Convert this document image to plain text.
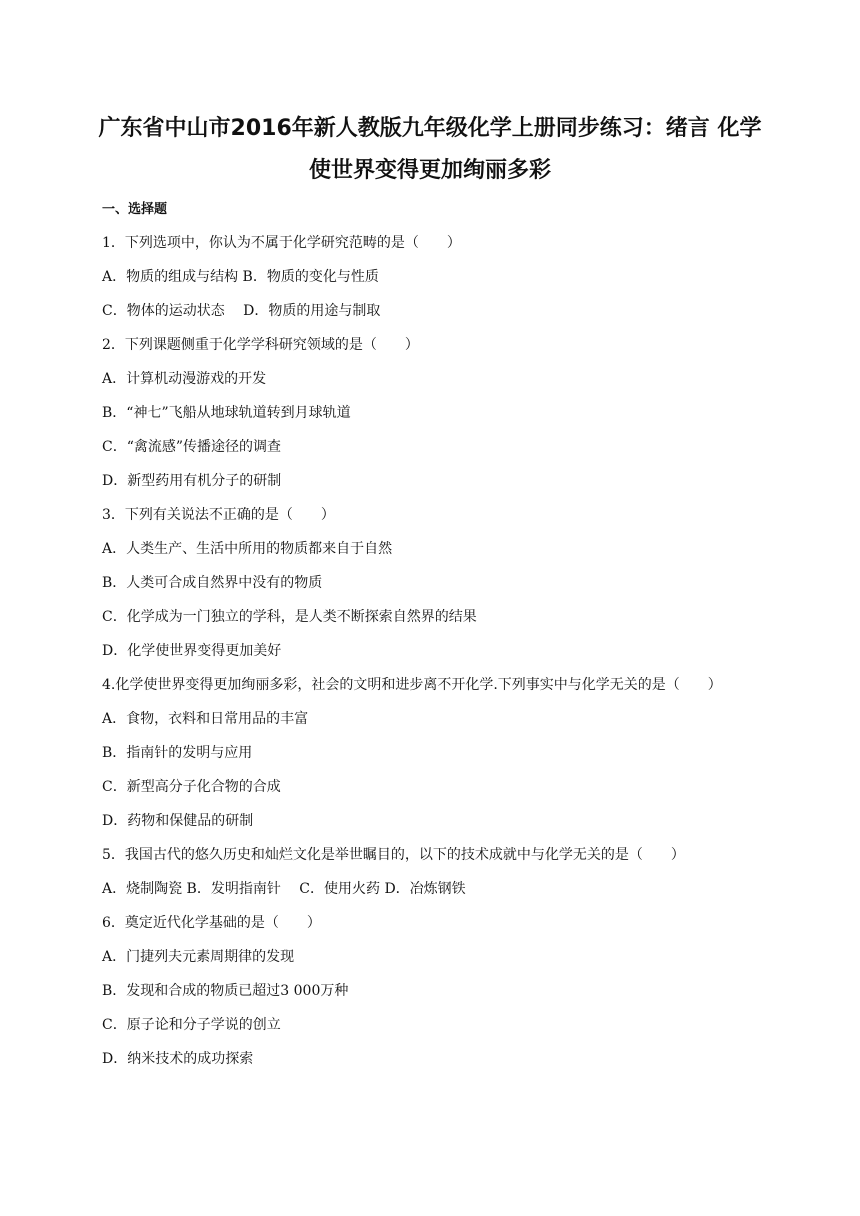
广东省中山市2016年新人教版九年级化学上册同步练习：绪言 化学
使世界变得更加绚丽多彩
一、选择题
1．下列选项中，你认为不属于化学研究范畴的是（　　）
A．物质的组成与结构 B．物质的变化与性质
C．物体的运动状态　 D．物质的用途与制取
2．下列课题侧重于化学学科研究领域的是（　　）
A．计算机动漫游戏的开发
B．“神七”飞船从地球轨道转到月球轨道
C．“禽流感”传播途径的调查
D．新型药用有机分子的研制
3．下列有关说法不正确的是（　　）
A．人类生产、生活中所用的物质都来自于自然
B．人类可合成自然界中没有的物质
C．化学成为一门独立的学科，是人类不断探索自然界的结果
D．化学使世界变得更加美好
4.化学使世界变得更加绚丽多彩，社会的文明和进步离不开化学.下列事实中与化学无关的是（　　）
A．食物，衣料和日常用品的丰富
B．指南针的发明与应用
C．新型高分子化合物的合成
D．药物和保健品的研制
5．我国古代的悠久历史和灿烂文化是举世瞩目的，以下的技术成就中与化学无关的是（　　）
A．烧制陶瓷 B．发明指南针　 C．使用火药 D．冶炼钢铁
6．奠定近代化学基础的是（　　）
A．门捷列夫元素周期律的发现
B．发现和合成的物质已超过3 000万种
C．原子论和分子学说的创立
D．纳米技术的成功探索
